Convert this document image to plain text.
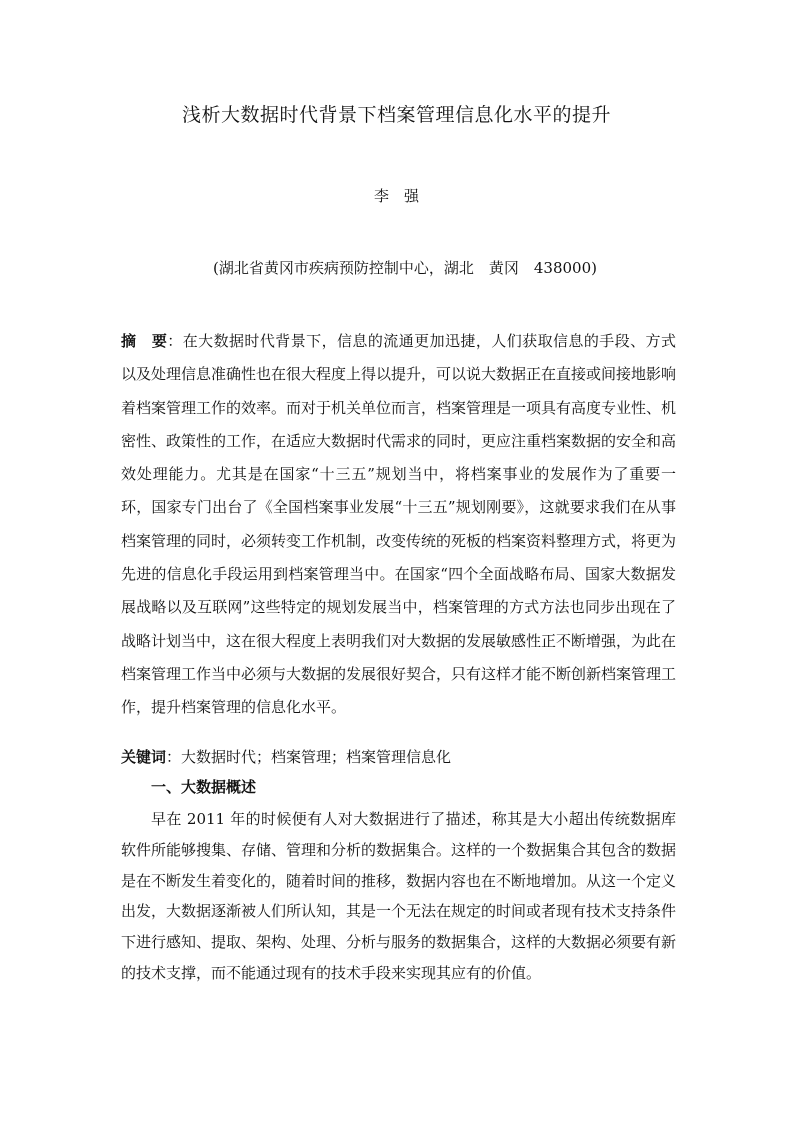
浅析大数据时代背景下档案管理信息化水平的提升
李　强
(湖北省黄冈市疾病预防控制中心，湖北　黄冈　438000)

摘　要：在大数据时代背景下，信息的流通更加迅捷，人们获取信息的手段、方式以及处理信息准确性也在很大程度上得以提升，可以说大数据正在直接或间接地影响着档案管理工作的效率。而对于机关单位而言，档案管理是一项具有高度专业性、机密性、政策性的工作，在适应大数据时代需求的同时，更应注重档案数据的安全和高效处理能力。尤其是在国家“十三五”规划当中，将档案事业的发展作为了重要一环，国家专门出台了《全国档案事业发展“十三五”规划刚要》，这就要求我们在从事档案管理的同时，必须转变工作机制，改变传统的死板的档案资料整理方式，将更为先进的信息化手段运用到档案管理当中。在国家“四个全面战略布局、国家大数据发展战略以及互联网”这些特定的规划发展当中，档案管理的方式方法也同步出现在了战略计划当中，这在很大程度上表明我们对大数据的发展敏感性正不断增强，为此在档案管理工作当中必须与大数据的发展很好契合，只有这样才能不断创新档案管理工作，提升档案管理的信息化水平。

关键词：大数据时代；档案管理；档案管理信息化
一、大数据概述

早在 2011 年的时候便有人对大数据进行了描述，称其是大小超出传统数据库软件所能够搜集、存储、管理和分析的数据集合。这样的一个数据集合其包含的数据是在不断发生着变化的，随着时间的推移，数据内容也在不断地增加。从这一个定义出发，大数据逐渐被人们所认知，其是一个无法在规定的时间或者现有技术支持条件下进行感知、提取、架构、处理、分析与服务的数据集合，这样的大数据必须要有新的技术支撑，而不能通过现有的技术手段来实现其应有的价值。
